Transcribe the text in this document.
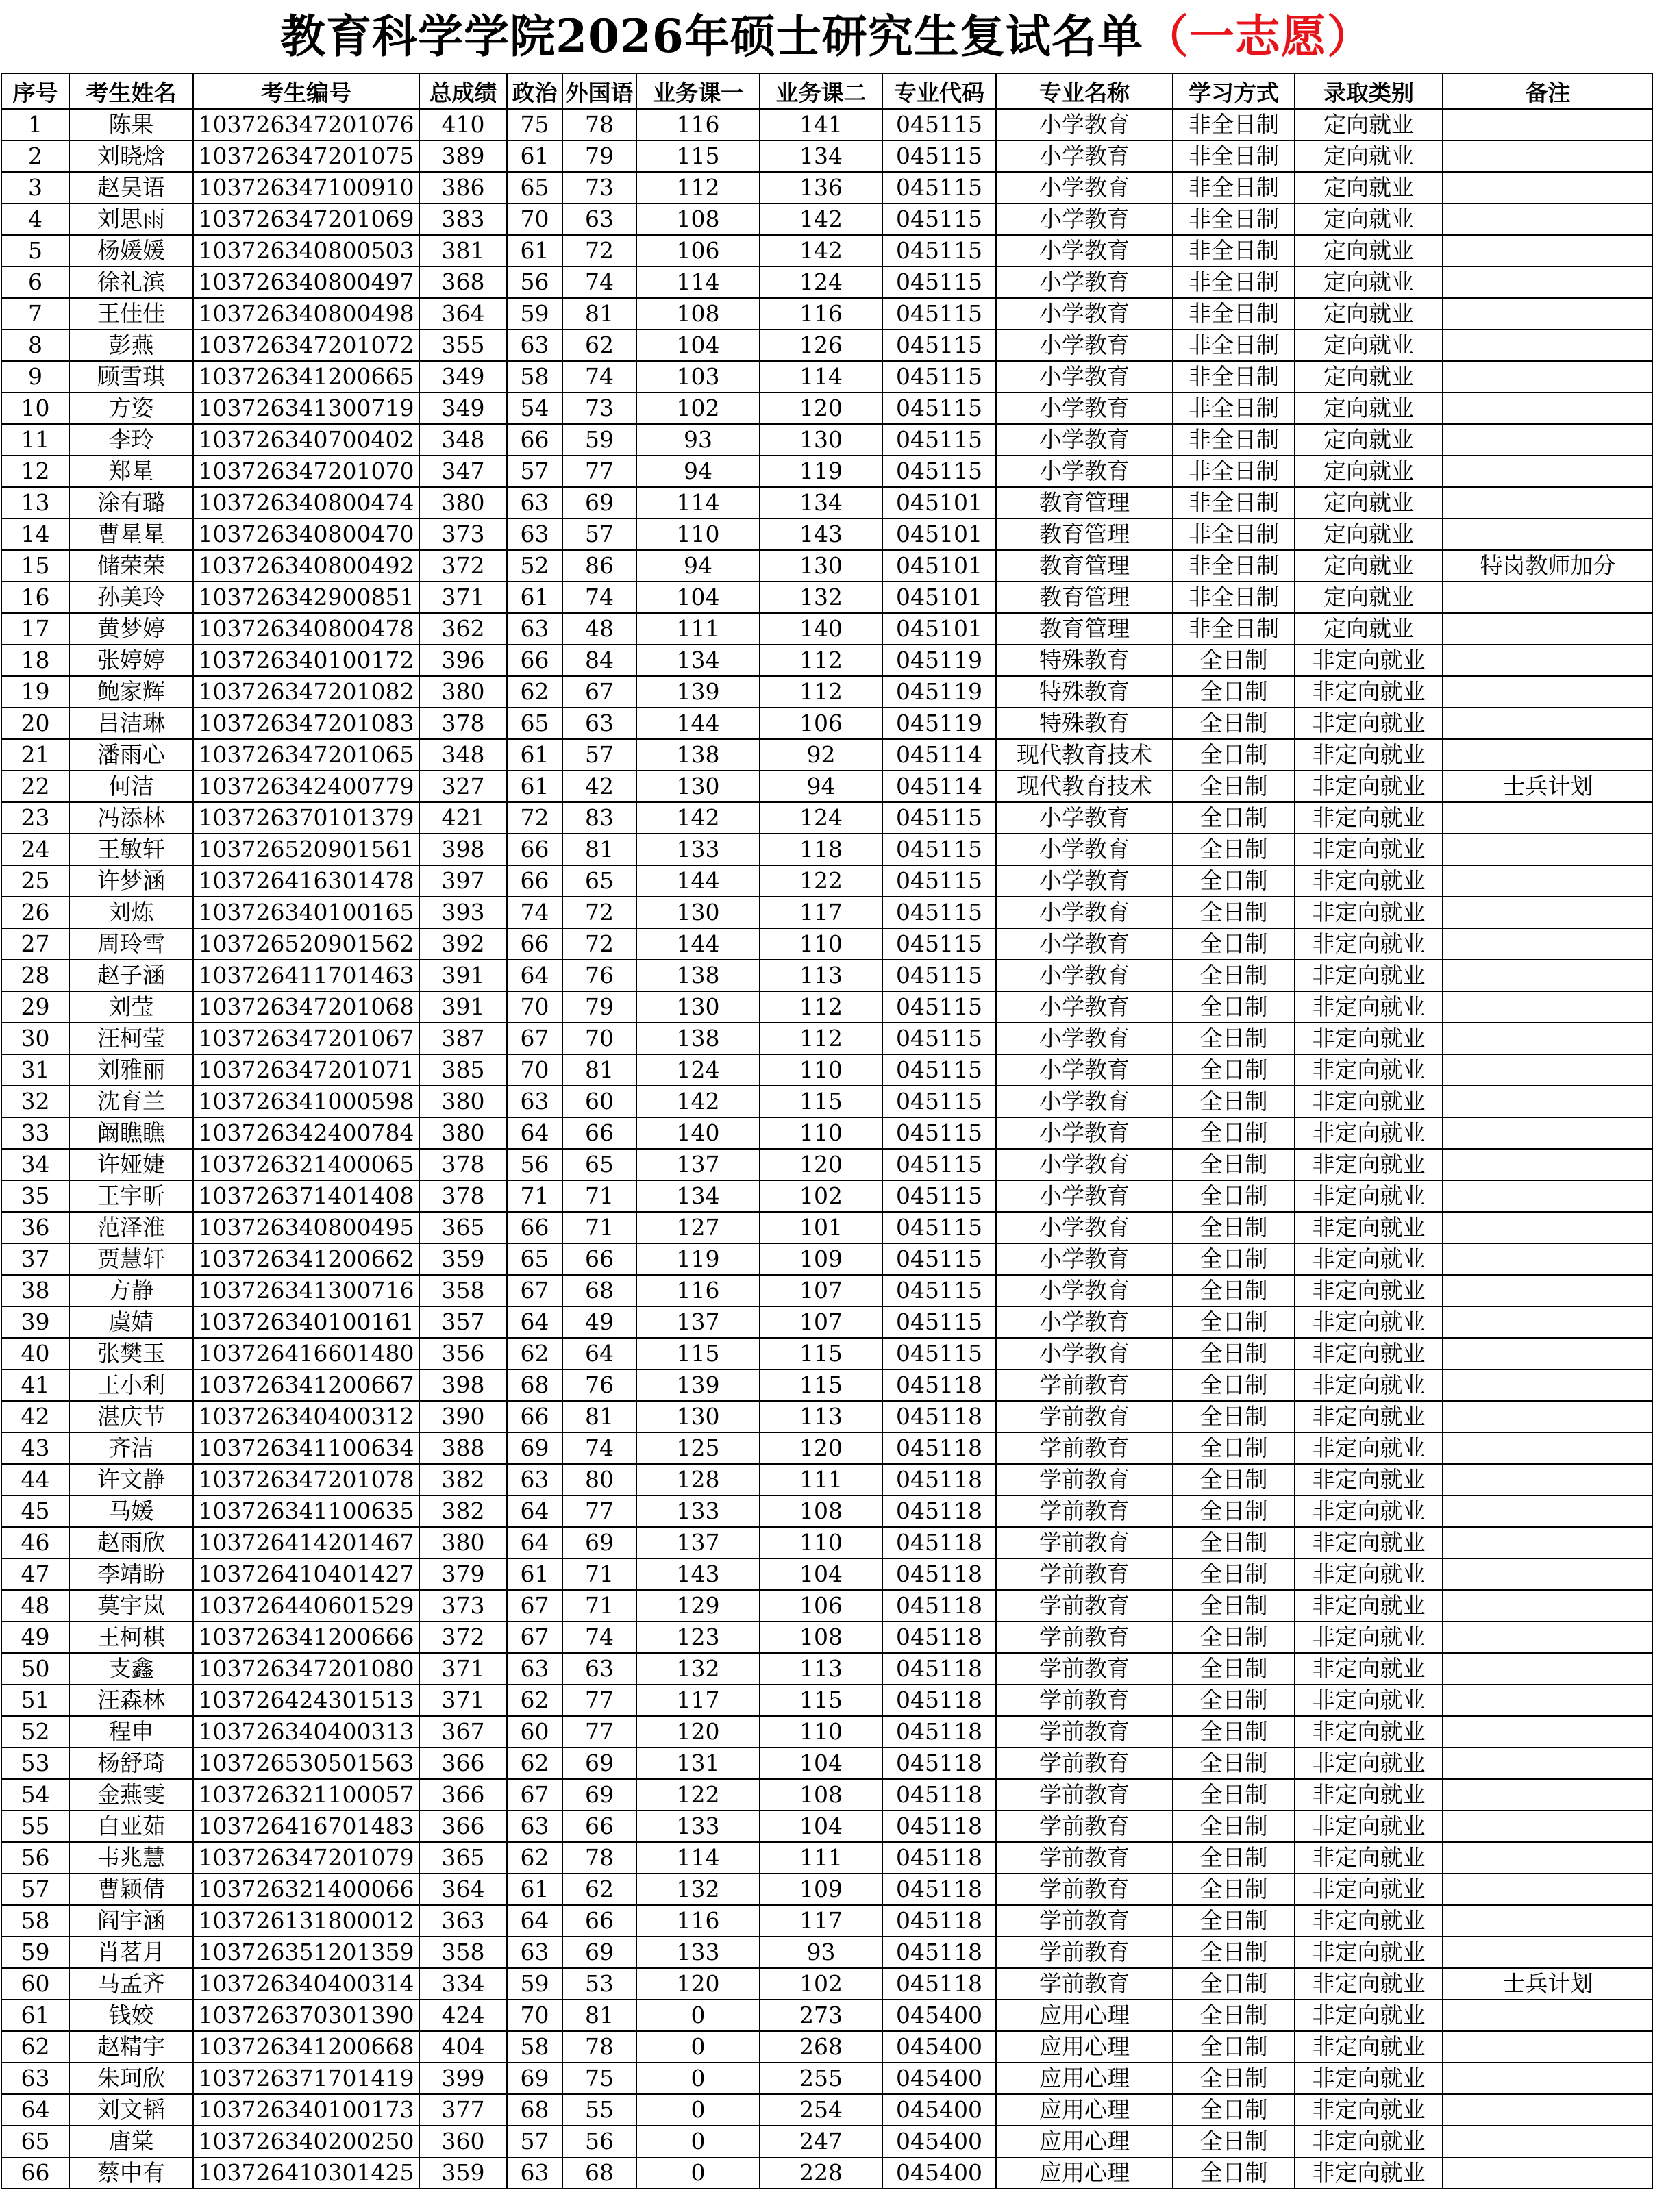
教育科学学院2026年硕士研究生复试名单（一志愿）
序号	考生姓名	考生编号	总成绩	政治	外国语	业务课一	业务课二	专业代码	专业名称	学习方式	录取类别	备注
1	陈果	103726347201076	410	75	78	116	141	045115	小学教育	非全日制	定向就业	
2	刘晓焓	103726347201075	389	61	79	115	134	045115	小学教育	非全日制	定向就业	
3	赵昊语	103726347100910	386	65	73	112	136	045115	小学教育	非全日制	定向就业	
4	刘思雨	103726347201069	383	70	63	108	142	045115	小学教育	非全日制	定向就业	
5	杨媛媛	103726340800503	381	61	72	106	142	045115	小学教育	非全日制	定向就业	
6	徐礼滨	103726340800497	368	56	74	114	124	045115	小学教育	非全日制	定向就业	
7	王佳佳	103726340800498	364	59	81	108	116	045115	小学教育	非全日制	定向就业	
8	彭燕	103726347201072	355	63	62	104	126	045115	小学教育	非全日制	定向就业	
9	顾雪琪	103726341200665	349	58	74	103	114	045115	小学教育	非全日制	定向就业	
10	方姿	103726341300719	349	54	73	102	120	045115	小学教育	非全日制	定向就业	
11	李玲	103726340700402	348	66	59	93	130	045115	小学教育	非全日制	定向就业	
12	郑星	103726347201070	347	57	77	94	119	045115	小学教育	非全日制	定向就业	
13	涂有璐	103726340800474	380	63	69	114	134	045101	教育管理	非全日制	定向就业	
14	曹星星	103726340800470	373	63	57	110	143	045101	教育管理	非全日制	定向就业	
15	储荣荣	103726340800492	372	52	86	94	130	045101	教育管理	非全日制	定向就业	特岗教师加分
16	孙美玲	103726342900851	371	61	74	104	132	045101	教育管理	非全日制	定向就业	
17	黄梦婷	103726340800478	362	63	48	111	140	045101	教育管理	非全日制	定向就业	
18	张婷婷	103726340100172	396	66	84	134	112	045119	特殊教育	全日制	非定向就业	
19	鲍家辉	103726347201082	380	62	67	139	112	045119	特殊教育	全日制	非定向就业	
20	吕洁琳	103726347201083	378	65	63	144	106	045119	特殊教育	全日制	非定向就业	
21	潘雨心	103726347201065	348	61	57	138	92	045114	现代教育技术	全日制	非定向就业	
22	何洁	103726342400779	327	61	42	130	94	045114	现代教育技术	全日制	非定向就业	士兵计划
23	冯添林	103726370101379	421	72	83	142	124	045115	小学教育	全日制	非定向就业	
24	王敏轩	103726520901561	398	66	81	133	118	045115	小学教育	全日制	非定向就业	
25	许梦涵	103726416301478	397	66	65	144	122	045115	小学教育	全日制	非定向就业	
26	刘炼	103726340100165	393	74	72	130	117	045115	小学教育	全日制	非定向就业	
27	周玲雪	103726520901562	392	66	72	144	110	045115	小学教育	全日制	非定向就业	
28	赵子涵	103726411701463	391	64	76	138	113	045115	小学教育	全日制	非定向就业	
29	刘莹	103726347201068	391	70	79	130	112	045115	小学教育	全日制	非定向就业	
30	汪柯莹	103726347201067	387	67	70	138	112	045115	小学教育	全日制	非定向就业	
31	刘雅丽	103726347201071	385	70	81	124	110	045115	小学教育	全日制	非定向就业	
32	沈育兰	103726341000598	380	63	60	142	115	045115	小学教育	全日制	非定向就业	
33	阚瞧瞧	103726342400784	380	64	66	140	110	045115	小学教育	全日制	非定向就业	
34	许娅婕	103726321400065	378	56	65	137	120	045115	小学教育	全日制	非定向就业	
35	王宇昕	103726371401408	378	71	71	134	102	045115	小学教育	全日制	非定向就业	
36	范泽淮	103726340800495	365	66	71	127	101	045115	小学教育	全日制	非定向就业	
37	贾慧轩	103726341200662	359	65	66	119	109	045115	小学教育	全日制	非定向就业	
38	方静	103726341300716	358	67	68	116	107	045115	小学教育	全日制	非定向就业	
39	虞婧	103726340100161	357	64	49	137	107	045115	小学教育	全日制	非定向就业	
40	张樊玉	103726416601480	356	62	64	115	115	045115	小学教育	全日制	非定向就业	
41	王小利	103726341200667	398	68	76	139	115	045118	学前教育	全日制	非定向就业	
42	湛庆节	103726340400312	390	66	81	130	113	045118	学前教育	全日制	非定向就业	
43	齐洁	103726341100634	388	69	74	125	120	045118	学前教育	全日制	非定向就业	
44	许文静	103726347201078	382	63	80	128	111	045118	学前教育	全日制	非定向就业	
45	马媛	103726341100635	382	64	77	133	108	045118	学前教育	全日制	非定向就业	
46	赵雨欣	103726414201467	380	64	69	137	110	045118	学前教育	全日制	非定向就业	
47	李靖盼	103726410401427	379	61	71	143	104	045118	学前教育	全日制	非定向就业	
48	莫宇岚	103726440601529	373	67	71	129	106	045118	学前教育	全日制	非定向就业	
49	王柯棋	103726341200666	372	67	74	123	108	045118	学前教育	全日制	非定向就业	
50	支鑫	103726347201080	371	63	63	132	113	045118	学前教育	全日制	非定向就业	
51	汪森林	103726424301513	371	62	77	117	115	045118	学前教育	全日制	非定向就业	
52	程申	103726340400313	367	60	77	120	110	045118	学前教育	全日制	非定向就业	
53	杨舒琦	103726530501563	366	62	69	131	104	045118	学前教育	全日制	非定向就业	
54	金燕雯	103726321100057	366	67	69	122	108	045118	学前教育	全日制	非定向就业	
55	白亚茹	103726416701483	366	63	66	133	104	045118	学前教育	全日制	非定向就业	
56	韦兆慧	103726347201079	365	62	78	114	111	045118	学前教育	全日制	非定向就业	
57	曹颖倩	103726321400066	364	61	62	132	109	045118	学前教育	全日制	非定向就业	
58	阎宇涵	103726131800012	363	64	66	116	117	045118	学前教育	全日制	非定向就业	
59	肖茗月	103726351201359	358	63	69	133	93	045118	学前教育	全日制	非定向就业	
60	马孟齐	103726340400314	334	59	53	120	102	045118	学前教育	全日制	非定向就业	士兵计划
61	钱姣	103726370301390	424	70	81	0	273	045400	应用心理	全日制	非定向就业	
62	赵精宇	103726341200668	404	58	78	0	268	045400	应用心理	全日制	非定向就业	
63	朱珂欣	103726371701419	399	69	75	0	255	045400	应用心理	全日制	非定向就业	
64	刘文韬	103726340100173	377	68	55	0	254	045400	应用心理	全日制	非定向就业	
65	唐棠	103726340200250	360	57	56	0	247	045400	应用心理	全日制	非定向就业	
66	蔡中有	103726410301425	359	63	68	0	228	045400	应用心理	全日制	非定向就业	
